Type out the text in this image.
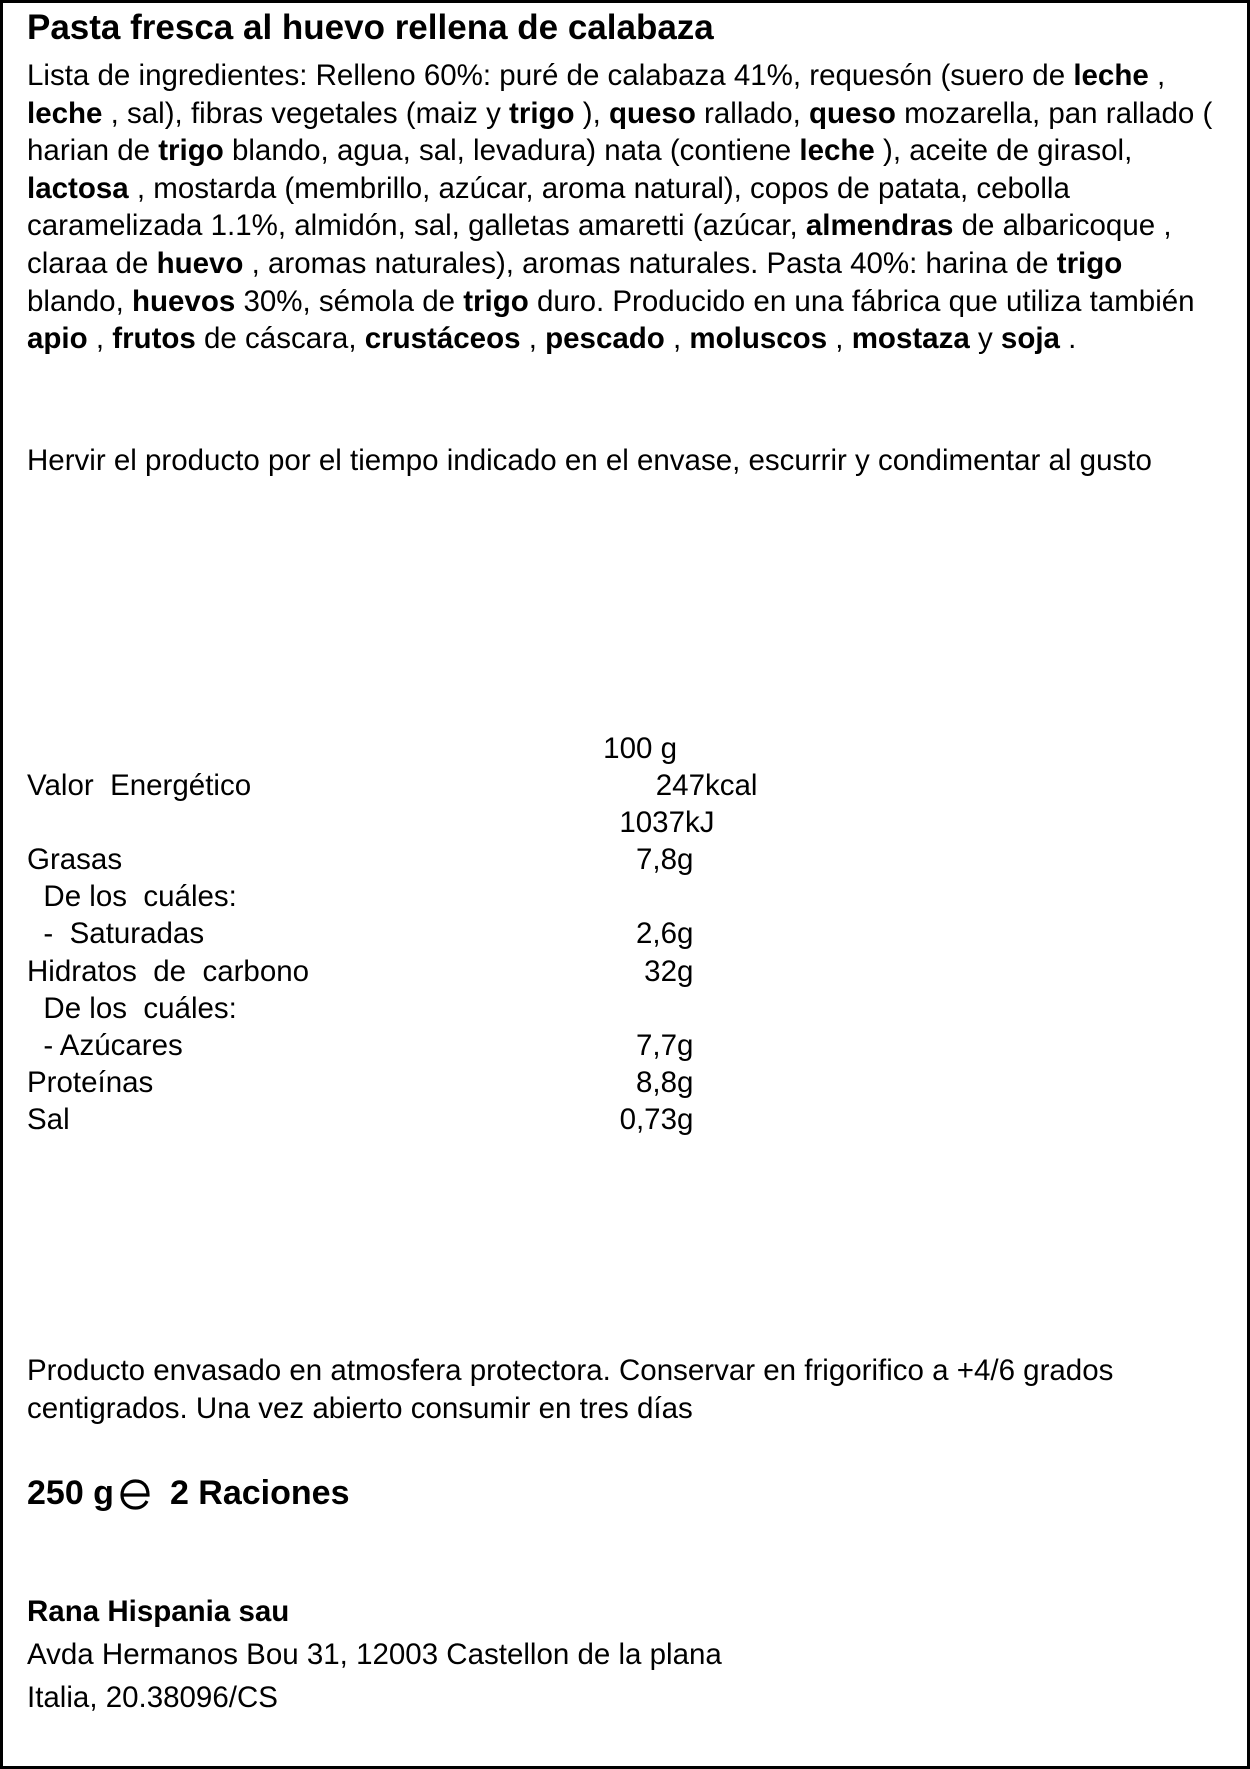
Pasta fresca al huevo rellena de calabaza

Lista de ingredientes: Relleno 60%: puré de calabaza 41%, requesón (suero de leche , leche , sal), fibras vegetales (maiz y trigo ), queso rallado, queso mozarella, pan rallado ( harian de trigo blando, agua, sal, levadura) nata (contiene leche ), aceite de girasol, lactosa , mostarda (membrillo, azúcar, aroma natural), copos de patata, cebolla caramelizada 1.1%, almidón, sal, galletas amaretti (azúcar, almendras de albaricoque , claraa de huevo , aromas naturales), aromas naturales. Pasta 40%: harina de trigo blando, huevos 30%, sémola de trigo duro. Producido en una fábrica que utiliza también apio , frutos de cáscara, crustáceos , pescado , moluscos , mostaza y soja .

Hervir el producto por el tiempo indicado en el envase, escurrir y condimentar al gusto

100 g
Valor  Energético	247kcal
1037kJ
Grasas	7,8g
De los  cuáles:
-  Saturadas	2,6g
Hidratos  de  carbono	32g
De los  cuáles:
- Azúcares	7,7g
Proteínas	8,8g
Sal	0,73g

Producto envasado en atmosfera protectora. Conservar en frigorifico a +4/6 grados centigrados. Una vez abierto consumir en tres días

250 g 2 Raciones

Rana Hispania sau

Avda Hermanos Bou 31, 12003 Castellon de la plana

Italia, 20.38096/CS
